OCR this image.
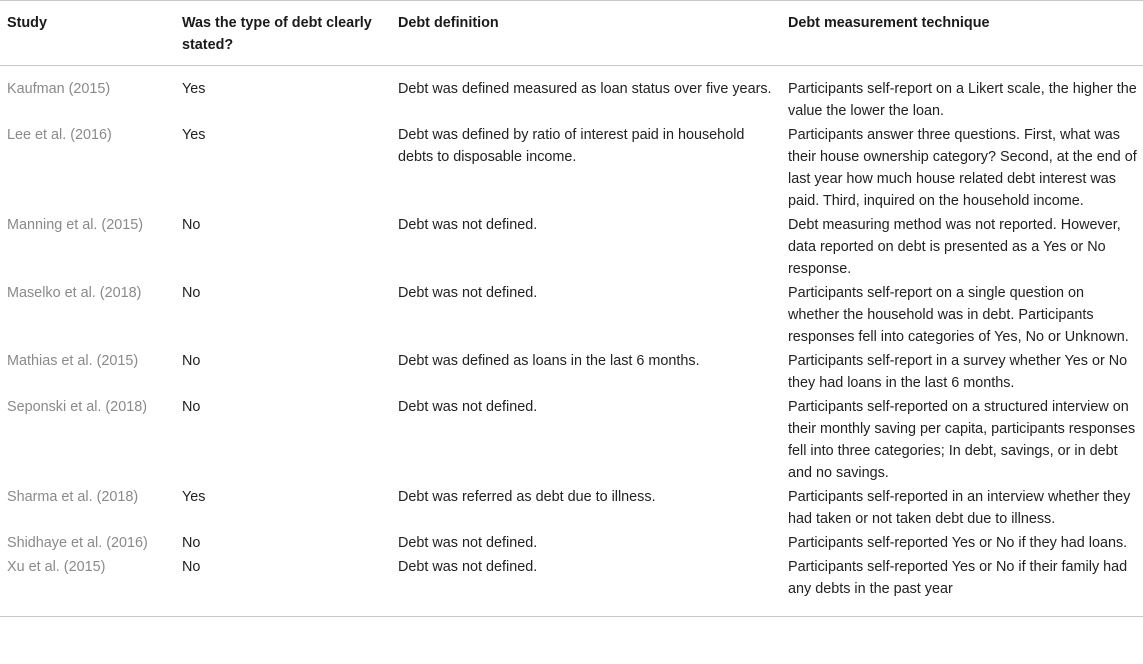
Study	Was the type of debt clearly stated?	Debt definition	Debt measurement technique
Kaufman (2015)	Yes	Debt was defined measured as loan status over five years.	Participants self-report on a Likert scale, the higher the value the lower the loan.
Lee et al. (2016)	Yes	Debt was defined by ratio of interest paid in household debts to disposable income.	Participants answer three questions. First, what was their house ownership category? Second, at the end of last year how much house related debt interest was paid. Third, inquired on the household income.
Manning et al. (2015)	No	Debt was not defined.	Debt measuring method was not reported. However, data reported on debt is presented as a Yes or No response.
Maselko et al. (2018)	No	Debt was not defined.	Participants self-report on a single question on whether the household was in debt. Participants responses fell into categories of Yes, No or Unknown.
Mathias et al. (2015)	No	Debt was defined as loans in the last 6 months.	Participants self-report in a survey whether Yes or No they had loans in the last 6 months.
Seponski et al. (2018)	No	Debt was not defined.	Participants self-reported on a structured interview on their monthly saving per capita, participants responses fell into three categories; In debt, savings, or in debt and no savings.
Sharma et al. (2018)	Yes	Debt was referred as debt due to illness.	Participants self-reported in an interview whether they had taken or not taken debt due to illness.
Shidhaye et al. (2016)	No	Debt was not defined.	Participants self-reported Yes or No if they had loans.
Xu et al. (2015)	No	Debt was not defined.	Participants self-reported Yes or No if their family had any debts in the past year
